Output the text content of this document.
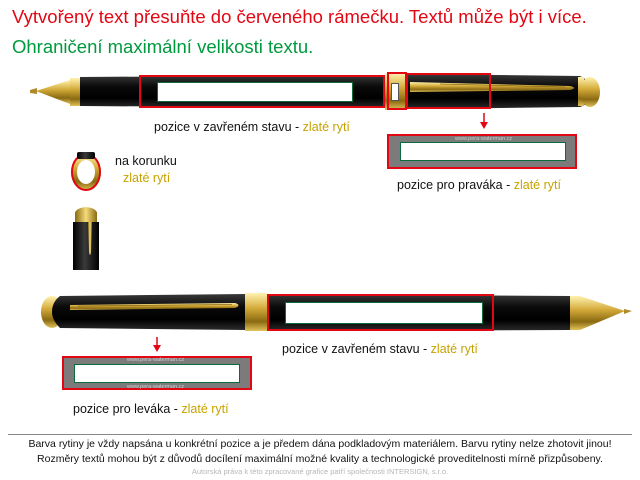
Vytvořený text přesuňte do červeného rámečku. Textů může být i více.
Ohraničení maximální velikosti textu.
pozice v zavřeném stavu - zlaté rytí
www.pera-waterman.cz
pozice pro praváka - zlaté rytí
na korunku
zlaté rytí
pozice v zavřeném stavu - zlaté rytí
www.pera-waterman.cz
www.pera-waterman.cz
pozice pro leváka - zlaté rytí
Barva rytiny je vždy napsána u konkrétní pozice a je předem dána podkladovým materiálem. Barvu rytiny nelze zhotovit jinou!
Rozměry textů mohou být z důvodů docílení maximální možné kvality a technologické proveditelnosti mírně přizpůsobeny.
Autorská práva k této zpracované grafice patří společnosti INTERSIGN, s.r.o.
